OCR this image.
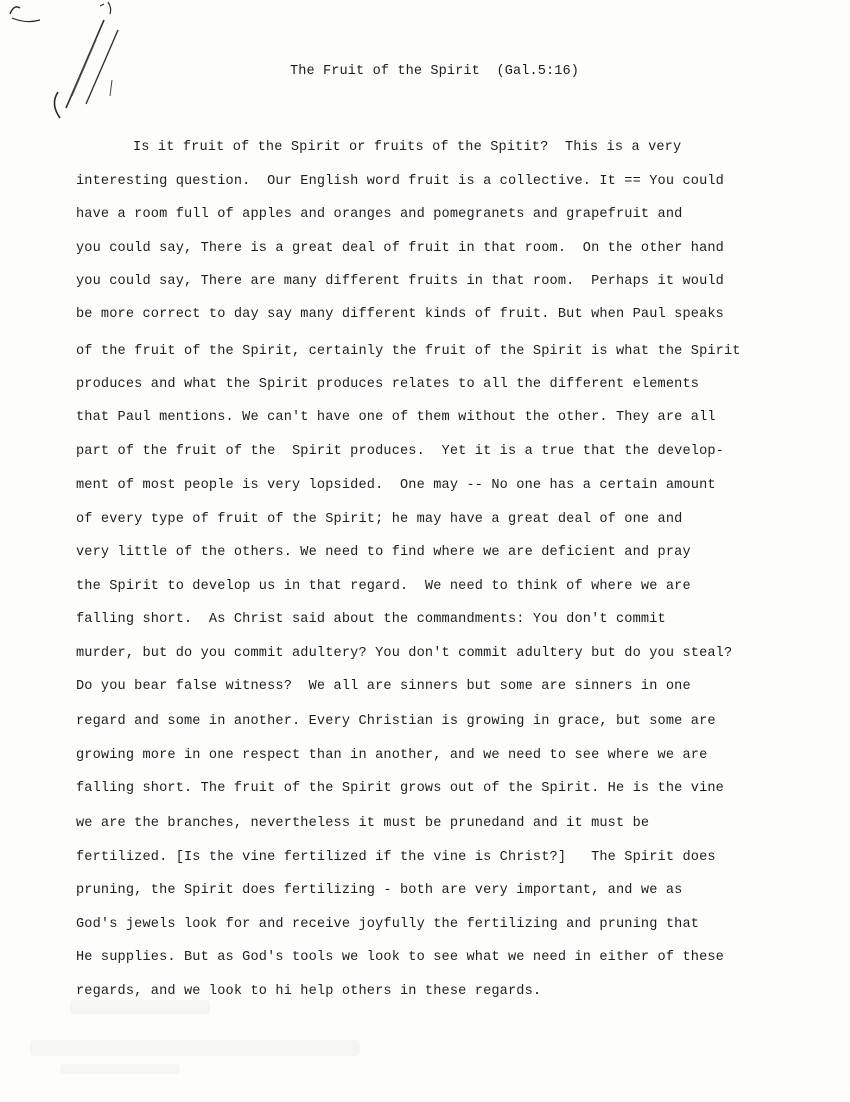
The Fruit of the Spirit  (Gal.5:16)
Is it fruit of the Spirit or fruits of the Spitit?  This is a very
interesting question.  Our English word fruit is a collective. It == You could
have a room full of apples and oranges and pomegranets and grapefruit and
you could say, There is a great deal of fruit in that room.  On the other hand
you could say, There are many different fruits in that room.  Perhaps it would
be more correct to day say many different kinds of fruit. But when Paul speaks
of the fruit of the Spirit, certainly the fruit of the Spirit is what the Spirit
produces and what the Spirit produces relates to all the different elements
that Paul mentions. We can't have one of them without the other. They are all
part of the fruit of the  Spirit produces.  Yet it is a true that the develop-
ment of most people is very lopsided.  One may -- No one has a certain amount
of every type of fruit of the Spirit; he may have a great deal of one and
very little of the others. We need to find where we are deficient and pray
the Spirit to develop us in that regard.  We need to think of where we are
falling short.  As Christ said about the commandments: You don't commit
murder, but do you commit adultery? You don't commit adultery but do you steal?
Do you bear false witness?  We all are sinners but some are sinners in one
regard and some in another. Every Christian is growing in grace, but some are
growing more in one respect than in another, and we need to see where we are
falling short. The fruit of the Spirit grows out of the Spirit. He is the vine
we are the branches, nevertheless it must be prunedand and it must be
fertilized. [Is the vine fertilized if the vine is Christ?]   The Spirit does
pruning, the Spirit does fertilizing - both are very important, and we as
God's jewels look for and receive joyfully the fertilizing and pruning that
He supplies. But as God's tools we look to see what we need in either of these
regards, and we look to hi help others in these regards.
